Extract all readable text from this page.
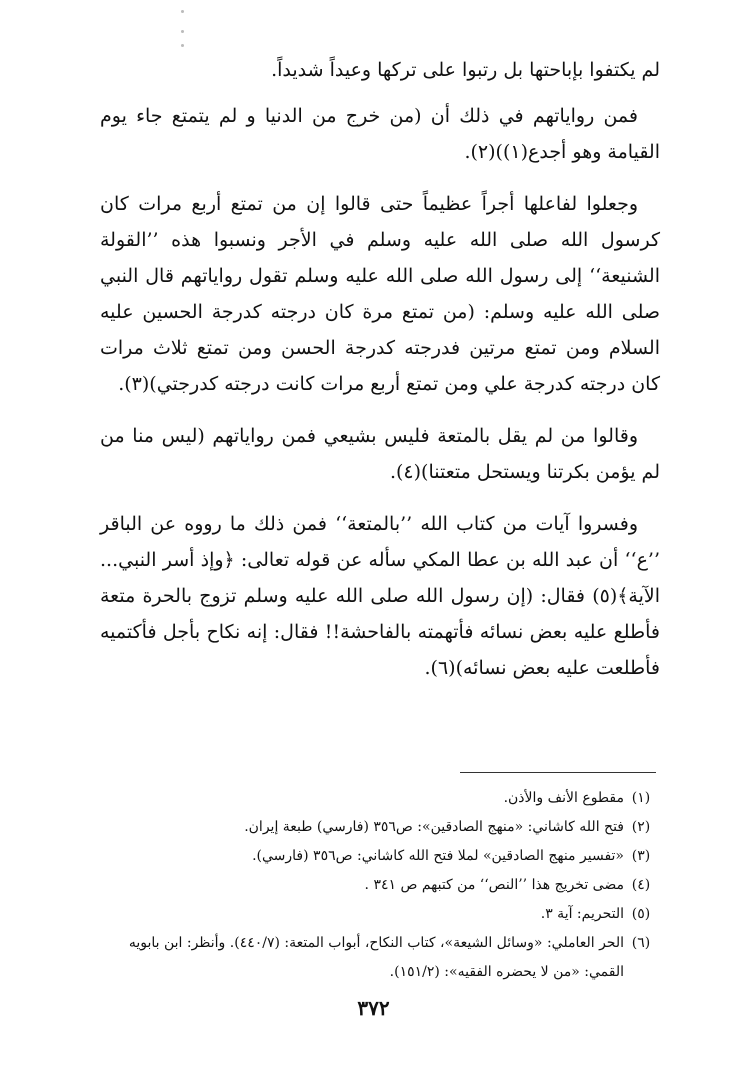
لم يكتفوا بإباحتها بل رتبوا على تركها وعيداً شديداً.

فمن رواياتهم في ذلك أن (من خرج من الدنيا و لم يتمتع جاء يوم القيامة وهو أجدع(١))(٢).

وجعلوا لفاعلها أجراً عظيماً حتى قالوا إن من تمتع أربع مرات كان كرسول الله صلى الله عليه وسلم في الأجر ونسبوا هذه ’’القولة الشنيعة‘‘ إلى رسول الله صلى الله عليه وسلم تقول رواياتهم قال النبي صلى الله عليه وسلم: (من تمتع مرة كان درجته كدرجة الحسين عليه السلام ومن تمتع مرتين فدرجته كدرجة الحسن ومن تمتع ثلاث مرات كان درجته كدرجة علي ومن تمتع أربع مرات كانت درجته كدرجتي)(٣).

وقالوا من لم يقل بالمتعة فليس بشيعي فمن رواياتهم (ليس منا من لم يؤمن بكرتنا ويستحل متعتنا)(٤).

وفسروا آيات من كتاب الله ’’بالمتعة‘‘ فمن ذلك ما رووه عن الباقر ’’ع‘‘ أن عبد الله بن عطا المكي سأله عن قوله تعالى: ﴿وإذ أسر النبي... الآية﴾(٥) فقال: (إن رسول الله صلى الله عليه وسلم تزوج بالحرة متعة فأطلع عليه بعض نسائه فأتهمته بالفاحشة!! فقال: إنه نكاح بأجل فأكتميه فأطلعت عليه بعض نسائه)(٦).

(١)
مقطوع الأنف والأذن.
(٢)
فتح الله كاشاني: «منهج الصادقين»: ص٣٥٦ (فارسي) طبعة إيران.
(٣)
«تفسير منهج الصادقين» لملا فتح الله كاشاني: ص٣٥٦ (فارسي).
(٤)
مضى تخريج هذا ’’النص‘‘ من كتبهم ص ٣٤١ .
(٥)
التحريم: آية ٣.
(٦)
الحر العاملي: «وسائل الشيعة»، كتاب النكاح، أبواب المتعة: (٤٤٠/٧). وأنظر: ابن بابويه القمي: «من لا يحضره الفقيه»: (١٥١/٢).
٣٧٢
